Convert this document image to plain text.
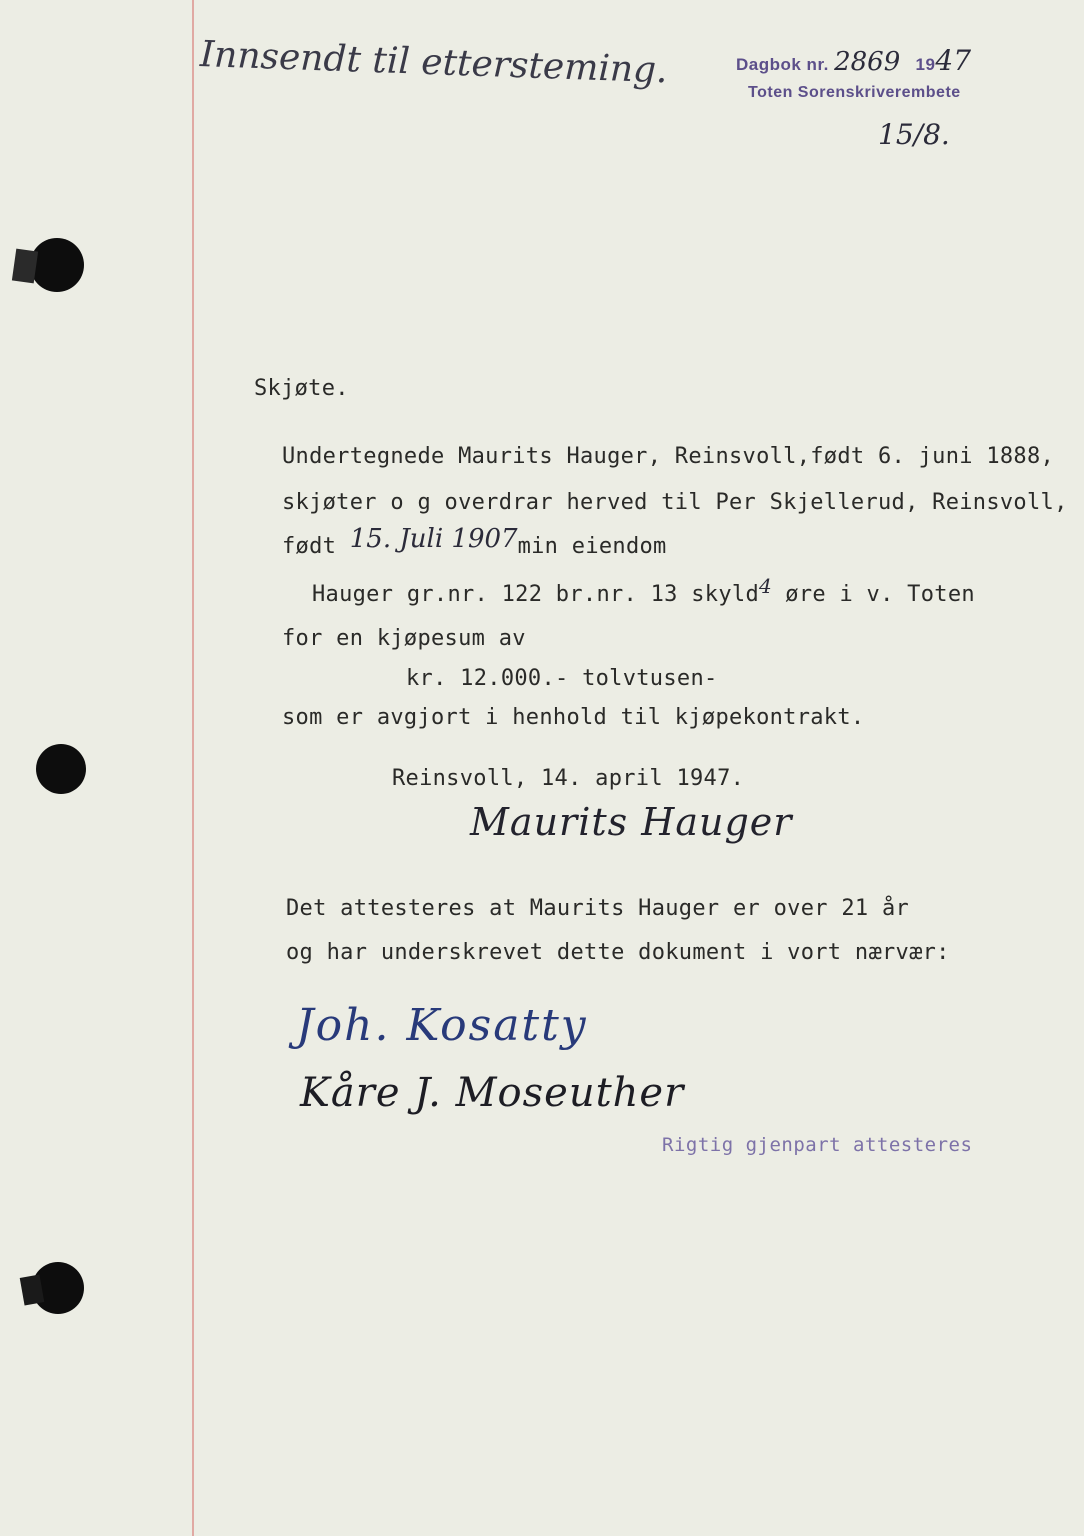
Innsendt til ettersteming.	Dagbok nr. 2869 1947
Toten Sorenskriverembete
15/8.
Skjøte.
Undertegnede Maurits Hauger, Reinsvoll,født 6. juni 1888,
skjøter o g overdrar herved til Per Skjellerud, Reinsvoll,
født 15. Juli 1907min eiendom
Hauger gr.nr. 122 br.nr. 13 skyld4 øre i v. Toten
for en kjøpesum av
kr. 12.000.- tolvtusen-
som er avgjort i henhold til kjøpekontrakt.
Reinsvoll, 14. april 1947.
Maurits Hauger
Det attesteres at Maurits Hauger er over 21 år
og har underskrevet dette dokument i vort nærvær:
Joh. Kosatty
Kåre J. Moseuther
Rigtig gjenpart attesteres
